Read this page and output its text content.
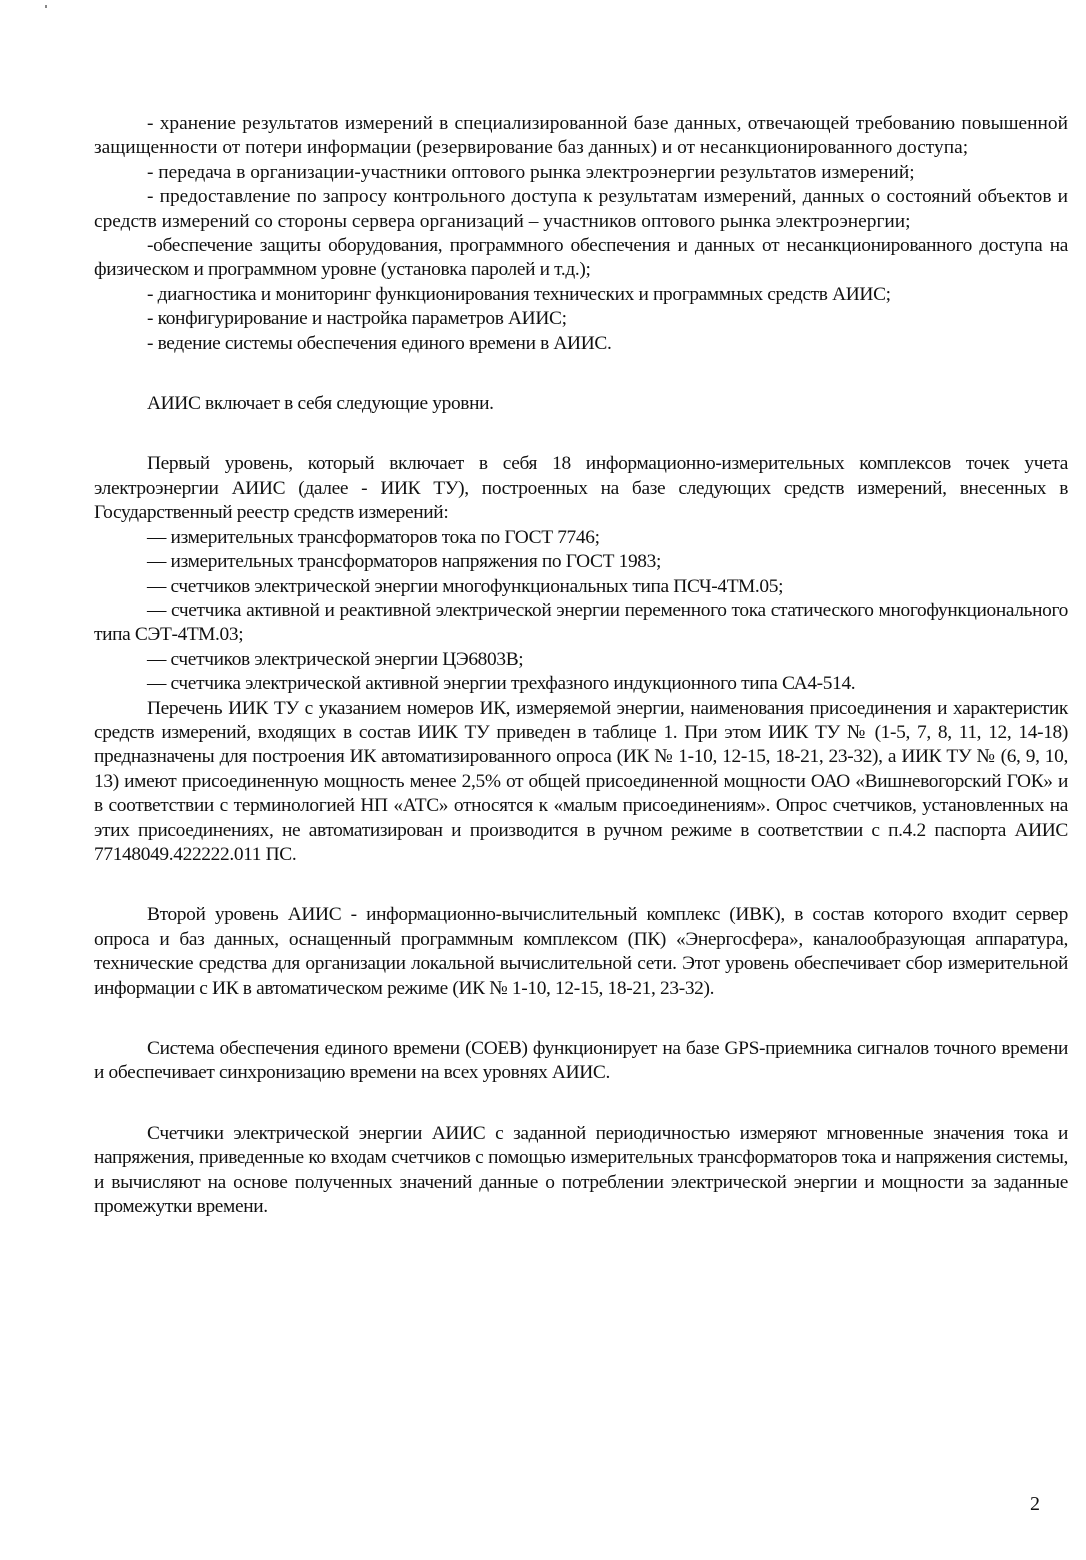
- хранение результатов измерений в специализированной базе данных, отвечающей требованию повышенной защищенности от потери информации (резервирование баз данных) и от несанкционированного доступа;

- передача в организации-участники оптового рынка электроэнергии результатов измерений;

- предоставление по запросу контрольного доступа к результатам измерений, данных о состояний объектов и средств измерений со стороны сервера организаций – участников оптового рынка электроэнергии;

-обеспечение защиты оборудования, программного обеспечения и данных от несанкционированного доступа на физическом и программном уровне (установка паролей и т.д.);

- диагностика и мониторинг функционирования технических и программных средств АИИС;

- конфигурирование и настройка параметров АИИС;

- ведение системы обеспечения единого времени в АИИС.

АИИС включает в себя следующие уровни.

Первый уровень, который включает в себя 18 информационно-измерительных комплексов точек учета электроэнергии АИИС (далее - ИИК ТУ), построенных на базе следующих средств измерений, внесенных в Государственный реестр средств измерений:

— измерительных трансформаторов тока по ГОСТ 7746;

— измерительных трансформаторов напряжения по ГОСТ 1983;

— счетчиков электрической энергии многофункциональных типа ПСЧ-4ТМ.05;

— счетчика активной и реактивной электрической энергии переменного тока статического многофункционального типа СЭТ-4ТМ.03;

— счетчиков электрической энергии ЦЭ6803В;

— счетчика электрической активной энергии трехфазного индукционного типа СА4-514.

Перечень ИИК ТУ с указанием номеров ИК, измеряемой энергии, наименования присоединения и характеристик средств измерений, входящих в состав ИИК ТУ приведен в таблице 1. При этом ИИК ТУ № (1-5, 7, 8, 11, 12, 14-18) предназначены для построения ИК автоматизированного опроса (ИК № 1-10, 12-15, 18-21, 23-32), а ИИК ТУ № (6, 9, 10, 13) имеют присоединенную мощность менее 2,5% от общей присоединенной мощности ОАО «Вишневогорский ГОК» и в соответствии с терминологией НП «АТС» относятся к «малым присоединениям». Опрос счетчиков, установленных на этих присоединениях, не автоматизирован и производится в ручном режиме в соответствии с п.4.2 паспорта АИИС 77148049.422222.011 ПС.

Второй уровень АИИС - информационно-вычислительный комплекс (ИВК), в состав которого входит сервер опроса и баз данных, оснащенный программным комплексом (ПК) «Энергосфера», каналообразующая аппаратура, технические средства для организации локальной вычислительной сети. Этот уровень обеспечивает сбор измерительной информации с ИК в автоматическом режиме (ИК № 1-10, 12-15, 18-21, 23-32).

Система обеспечения единого времени (СОЕВ) функционирует на базе GPS-приемника сигналов точного времени и обеспечивает синхронизацию времени на всех уровнях АИИС.

Счетчики электрической энергии АИИС с заданной периодичностью измеряют мгновенные значения тока и напряжения, приведенные ко входам счетчиков с помощью измерительных трансформаторов тока и напряжения системы, и вычисляют на основе полученных значений данные о потреблении электрической энергии и мощности за заданные промежутки времени.

2
